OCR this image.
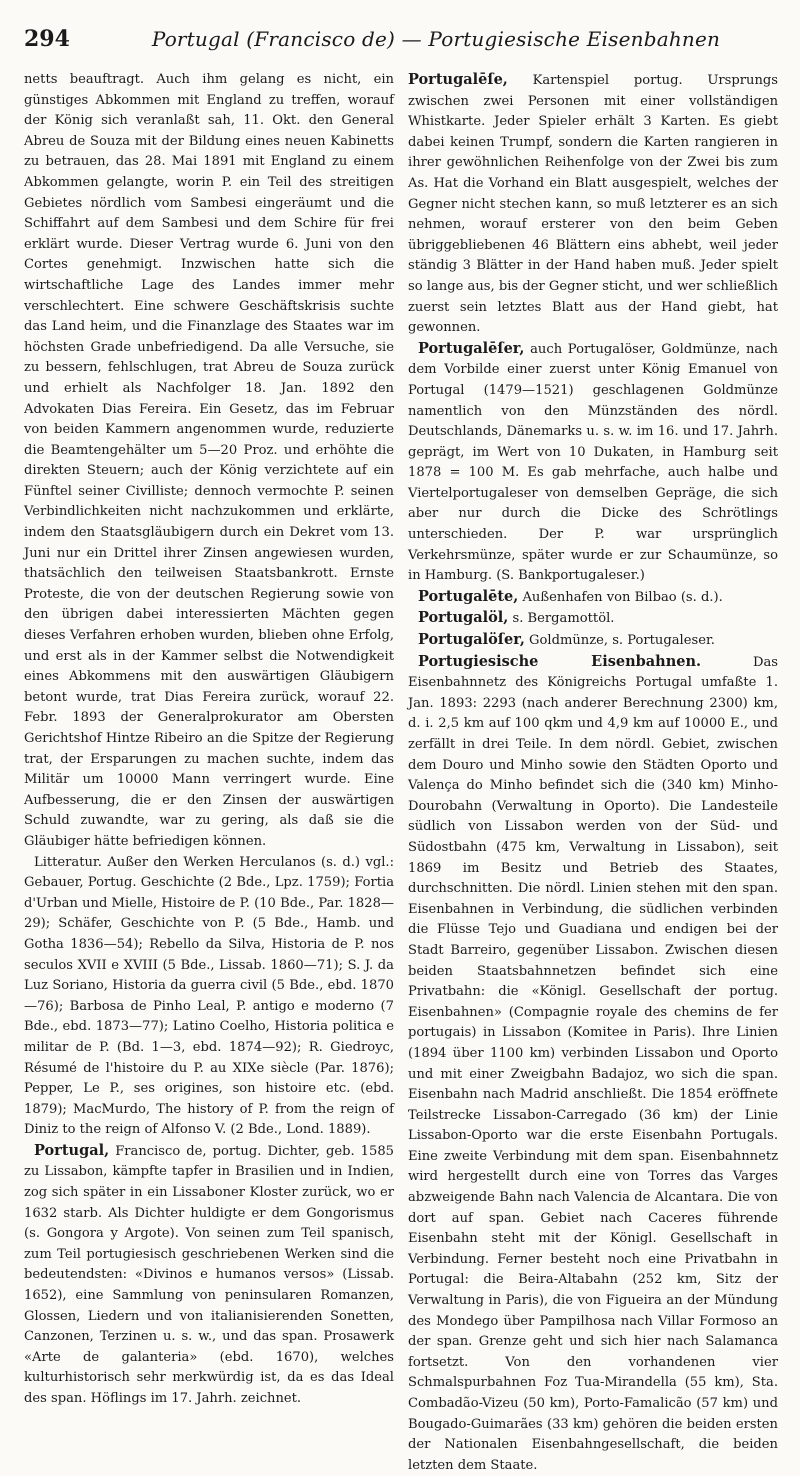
294	Portugal (Francisco de) — Portugiesische Eisenbahnen

netts beauftragt. Auch ihm gelang es nicht, ein günstiges Abkommen mit England zu treffen, worauf der König sich veranlaßt sah, 11. Okt. den General Abreu de Souza mit der Bildung eines neuen Kabinetts zu betrauen, das 28. Mai 1891 mit England zu einem Abkommen gelangte, worin P. ein Teil des streitigen Gebietes nördlich vom Sambesi eingeräumt und die Schiffahrt auf dem Sambesi und dem Schire für frei erklärt wurde. Dieser Vertrag wurde 6. Juni von den Cortes genehmigt. Inzwischen hatte sich die wirtschaftliche Lage des Landes immer mehr verschlechtert. Eine schwere Geschäftskrisis suchte das Land heim, und die Finanzlage des Staates war im höchsten Grade unbefriedigend. Da alle Versuche, sie zu bessern, fehlschlugen, trat Abreu de Souza zurück und erhielt als Nachfolger 18. Jan. 1892 den Advokaten Dias Fereira. Ein Gesetz, das im Februar von beiden Kammern angenommen wurde, reduzierte die Beamtengehälter um 5—20 Proz. und erhöhte die direkten Steuern; auch der König verzichtete auf ein Fünftel seiner Civilliste; dennoch vermochte P. seinen Verbindlichkeiten nicht nachzukommen und erklärte, indem den Staatsgläubigern durch ein Dekret vom 13. Juni nur ein Drittel ihrer Zinsen angewiesen wurden, thatsächlich den teilweisen Staatsbankrott. Ernste Proteste, die von der deutschen Regierung sowie von den übrigen dabei interessierten Mächten gegen dieses Verfahren erhoben wurden, blieben ohne Erfolg, und erst als in der Kammer selbst die Notwendigkeit eines Abkommens mit den auswärtigen Gläubigern betont wurde, trat Dias Fereira zurück, worauf 22. Febr. 1893 der Generalprokurator am Obersten Gerichtshof Hintze Ribeiro an die Spitze der Regierung trat, der Ersparungen zu machen suchte, indem das Militär um 10000 Mann verringert wurde. Eine Aufbesserung, die er den Zinsen der auswärtigen Schuld zuwandte, war zu gering, als daß sie die Gläubiger hätte befriedigen können.

Litteratur. Außer den Werken Herculanos (s. d.) vgl.: Gebauer, Portug. Geschichte (2 Bde., Lpz. 1759); Fortia d'Urban und Mielle, Histoire de P. (10 Bde., Par. 1828—29); Schäfer, Geschichte von P. (5 Bde., Hamb. und Gotha 1836—54); Rebello da Silva, Historia de P. nos seculos XVII e XVIII (5 Bde., Lissab. 1860—71); S. J. da Luz Soriano, Historia da guerra civil (5 Bde., ebd. 1870—76); Barbosa de Pinho Leal, P. antigo e moderno (7 Bde., ebd. 1873—77); Latino Coelho, Historia politica e militar de P. (Bd. 1—3, ebd. 1874—92); R. Giedroyc, Résumé de l'histoire du P. au XIXe siècle (Par. 1876); Pepper, Le P., ses origines, son histoire etc. (ebd. 1879); MacMurdo, The history of P. from the reign of Diniz to the reign of Alfonso V. (2 Bde., Lond. 1889).

Portugal, Francisco de, portug. Dichter, geb. 1585 zu Lissabon, kämpfte tapfer in Brasilien und in Indien, zog sich später in ein Lissaboner Kloster zurück, wo er 1632 starb. Als Dichter huldigte er dem Gongorismus (s. Gongora y Argote). Von seinen zum Teil spanisch, zum Teil portugiesisch geschriebenen Werken sind die bedeutendsten: «Divinos e humanos versos» (Lissab. 1652), eine Sammlung von peninsularen Romanzen, Glossen, Liedern und von italianisierenden Sonetten, Canzonen, Terzinen u. s. w., und das span. Prosawerk «Arte de galanteria» (ebd. 1670), welches kulturhistorisch sehr merkwürdig ist, da es das Ideal des span. Höflings im 17. Jahrh. zeichnet.

Portugalēſe, Kartenspiel portug. Ursprungs zwischen zwei Personen mit einer vollständigen Whistkarte. Jeder Spieler erhält 3 Karten. Es giebt dabei keinen Trumpf, sondern die Karten rangieren in ihrer gewöhnlichen Reihenfolge von der Zwei bis zum As. Hat die Vorhand ein Blatt ausgespielt, welches der Gegner nicht stechen kann, so muß letzterer es an sich nehmen, worauf ersterer von den beim Geben übriggebliebenen 46 Blättern eins abhebt, weil jeder ständig 3 Blätter in der Hand haben muß. Jeder spielt so lange aus, bis der Gegner sticht, und wer schließlich zuerst sein letztes Blatt aus der Hand giebt, hat gewonnen.

Portugalēſer, auch Portugalöser, Goldmünze, nach dem Vorbilde einer zuerst unter König Emanuel von Portugal (1479—1521) geschlagenen Goldmünze namentlich von den Münzständen des nördl. Deutschlands, Dänemarks u. s. w. im 16. und 17. Jahrh. geprägt, im Wert von 10 Dukaten, in Hamburg seit 1878 = 100 M. Es gab mehrfache, auch halbe und Viertelportugaleser von demselben Gepräge, die sich aber nur durch die Dicke des Schrötlings unterschieden. Der P. war ursprünglich Verkehrsmünze, später wurde er zur Schaumünze, so in Hamburg. (S. Bankportugaleser.)

Portugalēte, Außenhafen von Bilbao (s. d.).

Portugalöl, s. Bergamottöl.

Portugalöſer, Goldmünze, s. Portugaleser.

Portugiesische Eisenbahnen. Das Eisenbahnnetz des Königreichs Portugal umfaßte 1. Jan. 1893: 2293 (nach anderer Berechnung 2300) km, d. i. 2,5 km auf 100 qkm und 4,9 km auf 10000 E., und zerfällt in drei Teile. In dem nördl. Gebiet, zwischen dem Douro und Minho sowie den Städten Oporto und Valença do Minho befindet sich die (340 km) Minho-Dourobahn (Verwaltung in Oporto). Die Landesteile südlich von Lissabon werden von der Süd- und Südostbahn (475 km, Verwaltung in Lissabon), seit 1869 im Besitz und Betrieb des Staates, durchschnitten. Die nördl. Linien stehen mit den span. Eisenbahnen in Verbindung, die südlichen verbinden die Flüsse Tejo und Guadiana und endigen bei der Stadt Barreiro, gegenüber Lissabon. Zwischen diesen beiden Staatsbahnnetzen befindet sich eine Privatbahn: die «Königl. Gesellschaft der portug. Eisenbahnen» (Compagnie royale des chemins de fer portugais) in Lissabon (Komitee in Paris). Ihre Linien (1894 über 1100 km) verbinden Lissabon und Oporto und mit einer Zweigbahn Badajoz, wo sich die span. Eisenbahn nach Madrid anschließt. Die 1854 eröffnete Teilstrecke Lissabon-Carregado (36 km) der Linie Lissabon-Oporto war die erste Eisenbahn Portugals. Eine zweite Verbindung mit dem span. Eisenbahnnetz wird hergestellt durch eine von Torres das Varges abzweigende Bahn nach Valencia de Alcantara. Die von dort auf span. Gebiet nach Caceres führende Eisenbahn steht mit der Königl. Gesellschaft in Verbindung. Ferner besteht noch eine Privatbahn in Portugal: die Beira-Altabahn (252 km, Sitz der Verwaltung in Paris), die von Figueira an der Mündung des Mondego über Pampilhosa nach Villar Formoso an der span. Grenze geht und sich hier nach Salamanca fortsetzt. Von den vorhandenen vier Schmalspurbahnen Foz Tua-Mirandella (55 km), Sta. Combadão-Vizeu (50 km), Porto-Famalicão (57 km) und Bougado-Guimarães (33 km) gehören die beiden ersten der Nationalen Eisenbahngesellschaft, die beiden letzten dem Staate.
